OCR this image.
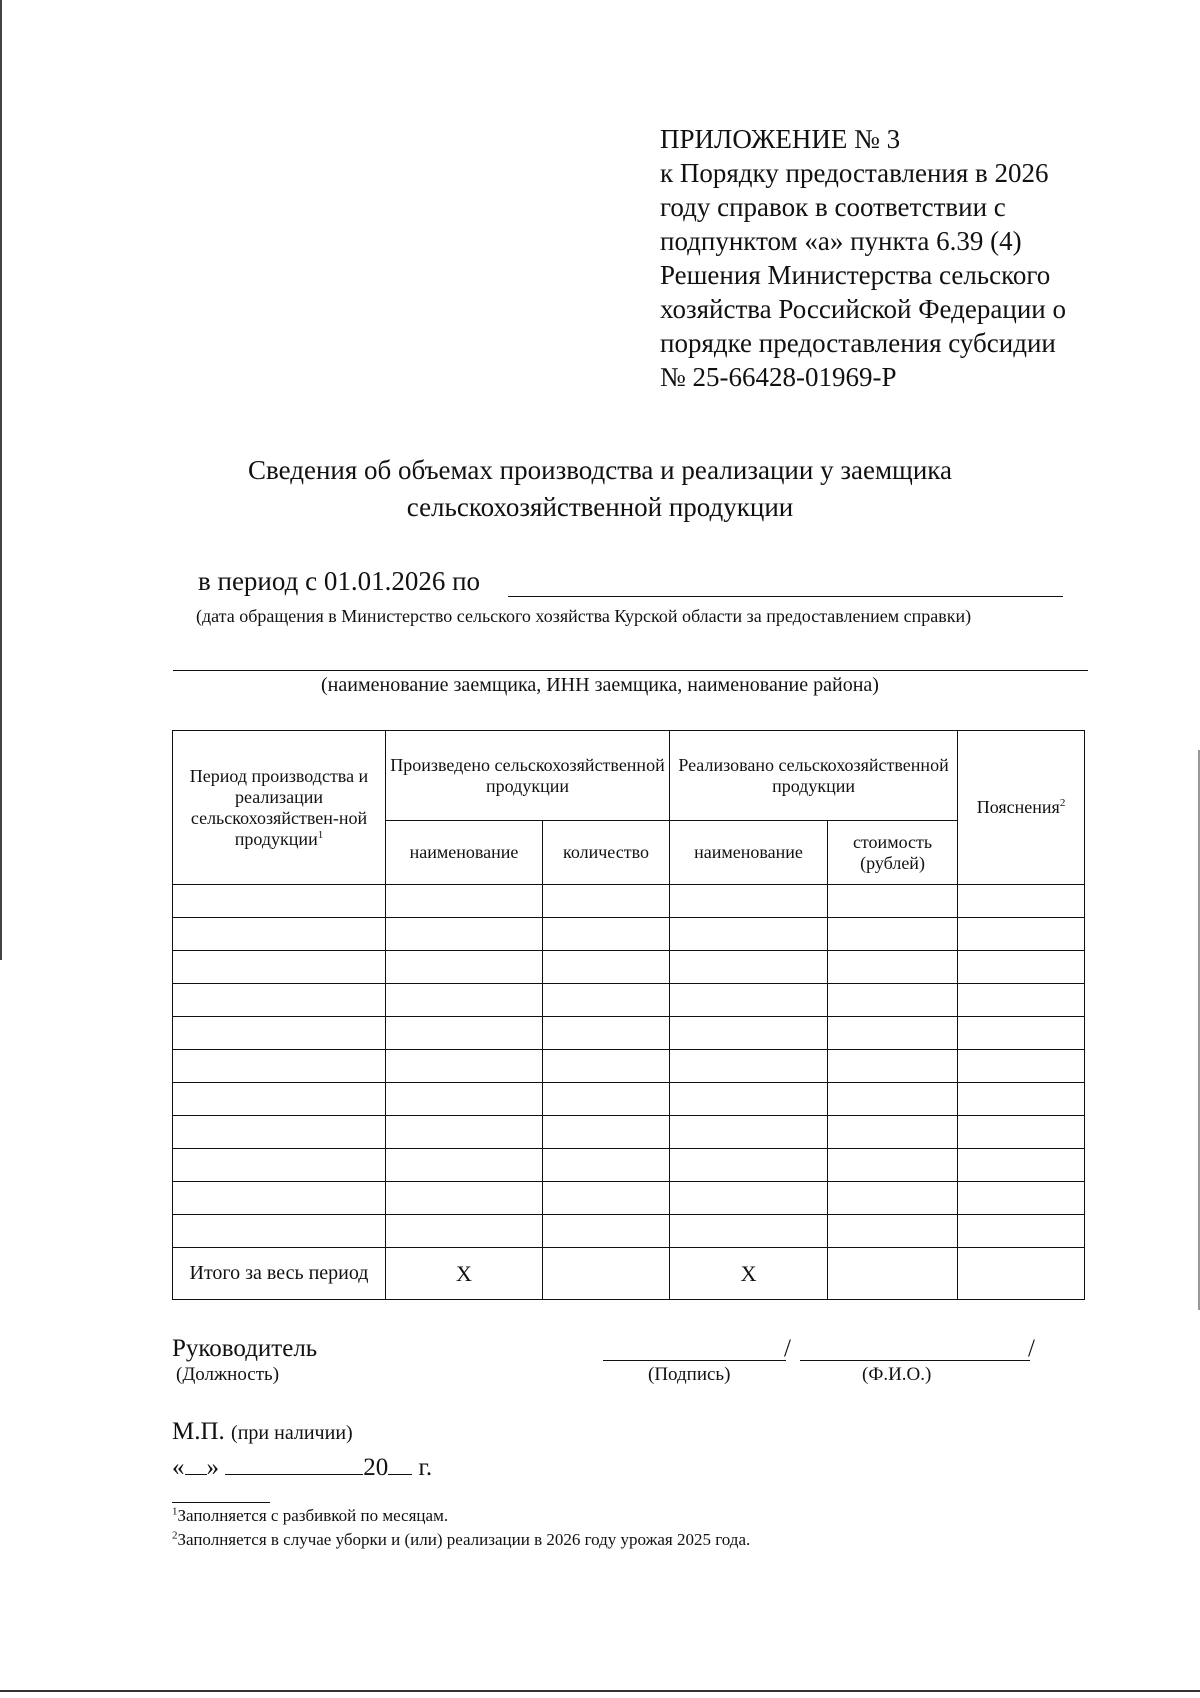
ПРИЛОЖЕНИЕ № 3
к Порядку предоставления в 2026
году справок в соответствии с
подпунктом «а» пункта 6.39 (4)
Решения Министерства сельского
хозяйства Российской Федерации о
порядке предоставления субсидии
№ 25-66428-01969-Р
Сведения об объемах производства и реализации у заемщика
сельскохозяйственной продукции
в период с 01.01.2026 по
(дата обращения в Министерство сельского хозяйства Курской области за предоставлением справки)
(наименование заемщика, ИНН заемщика, наименование района)
Период производства и реализации сельскохозяйствен-ной продукции$^1$	Произведено сельскохозяйственной продукции		Реализовано сельскохозяйственной продукции		Пояснения$^2$
	наименование	количество	наименование	стоимость (рублей)	

Итого за весь период	X		X		
Руководитель
(Должность)
/	/
(Подпись)	(Ф.И.О.)
М.П. (при наличии)
« »	20 г.
$^1$Заполняется с разбивкой по месяцам.
$^2$Заполняется в случае уборки и (или) реализации в 2026 году урожая 2025 года.
